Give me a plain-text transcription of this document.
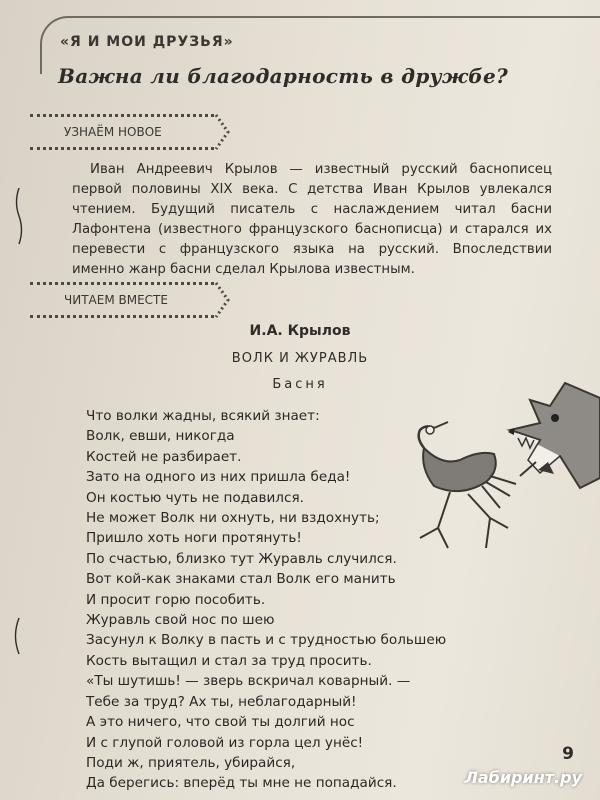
«Я И МОИ ДРУЗЬЯ»
Важна ли благодарность в дружбе?
УЗНАЁМ НОВОЕ
Иван Андреевич Крылов — известный русский баснописец первой половины XIX века. С детства Иван Крылов увлекался чтением. Будущий писатель с наслаждением читал басни Лафонтена (известного французского баснописца) и старался их перевести с французского языка на русский. Впоследствии именно жанр басни сделал Крылова известным.
ЧИТАЕМ ВМЕСТЕ
И.А. Крылов
ВОЛК И ЖУРАВЛЬ
Басня
Что волки жадны, всякий знает:
Волк, евши, никогда
Костей не разбирает.
Зато на одного из них пришла беда!
Он костью чуть не подавился.
Не может Волк ни охнуть, ни вздохнуть;
Пришло хоть ноги протянуть!
По счастью, близко тут Журавль случился.
Вот кой-как знаками стал Волк его манить
И просит горю пособить.
Журавль свой нос по шею
Засунул к Волку в пасть и с трудностью большею
Кость вытащил и стал за труд просить.
«Ты шутишь! — зверь вскричал коварный. —
Тебе за труд? Ах ты, неблагодарный!
А это ничего, что свой ты долгий нос
И с глупой головой из горла цел унёс!
Поди ж, приятель, убирайся,
Да берегись: вперёд ты мне не попадайся.
9
Лабиринт.ру
